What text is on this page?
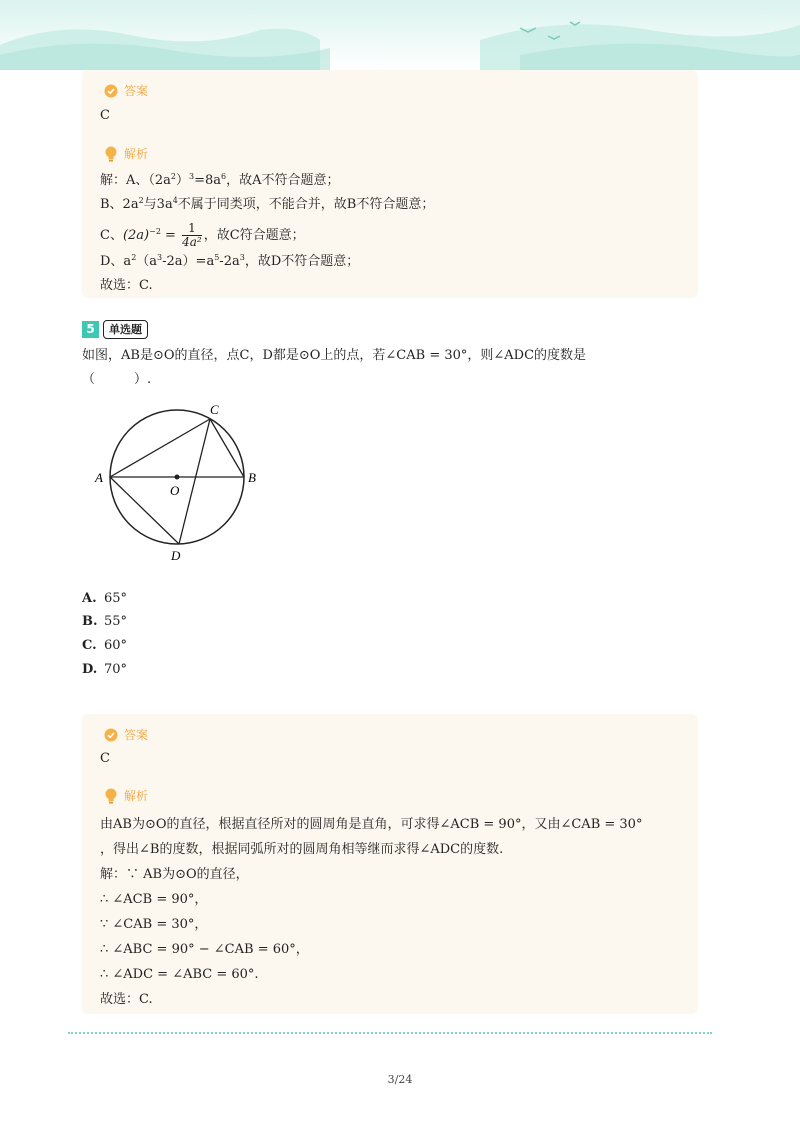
答案
解析
C
解：A、$(2a^2)^3=8a^6$，故A不符合题意；
B、$2a^2$与$3a^4$不属于同类项，不能合并，故B不符合题意；
C、$(2a)^{-2} = \frac{1}{\text{4a²}}$ ，故C符合题意；
D、$a^2(a^3-2a)=a^5-2a^3$，故D不符合题意；
故选：C.
5	单选题
如图，AB是⊙O的直径，点C，D都是⊙O上的点，若∠CAB = 30°，则∠ADC的度数是
（　　　）.
A	B
C
D
O
A. 65°
B. 55°
C. 60°
D. 70°
答案
解析
C
由AB为⊙O的直径，根据直径所对的圆周角是直角，可求得∠ACB = 90°，又由∠CAB = 30°
，得出∠B的度数，根据同弧所对的圆周角相等继而求得∠ADC的度数.
解：∵ AB为⊙O的直径，
∴ ∠ACB = 90°，
∵ ∠CAB = 30°，
∴ ∠ABC = 90° − ∠CAB = 60°，
∴ ∠ADC = ∠ABC = 60°.
故选：C.
3/24
